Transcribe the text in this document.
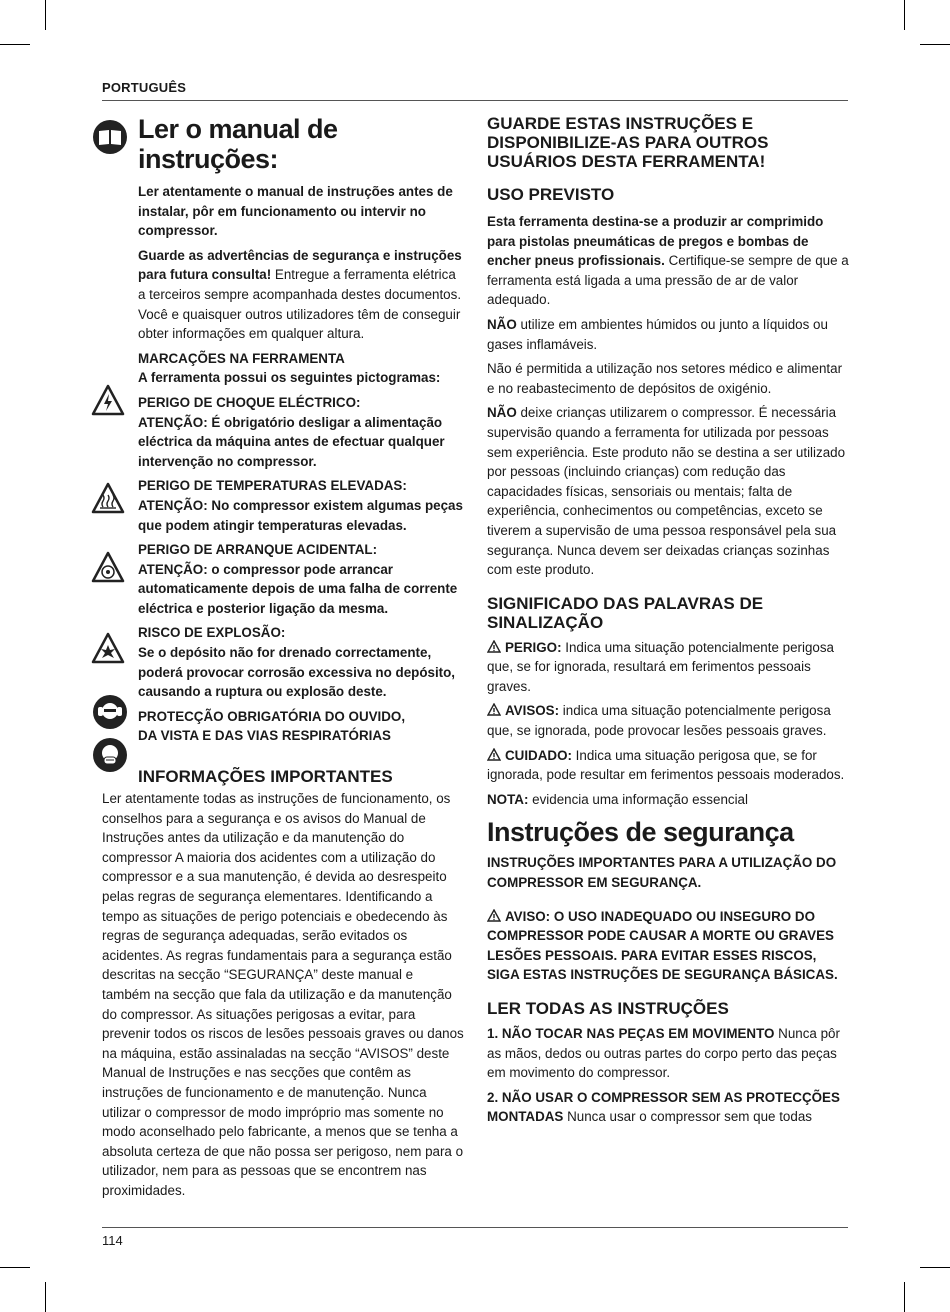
PORTUGUÊS
Ler o manual de instruções:

Ler atentamente o manual de instruções antes de instalar, pôr em funcionamento ou intervir no compressor.

Guarde as advertências de segurança e instruções para futura consulta! Entregue a ferramenta elétrica a terceiros sempre acompanhada destes documentos. Você e quaisquer outros utilizadores têm de conseguir obter informações em qualquer altura.

MARCAÇÕES NA FERRAMENTA

A ferramenta possui os seguintes pictogramas:

PERIGO DE CHOQUE ELÉCTRICO:

ATENÇÃO: É obrigatório desligar a alimentação eléctrica da máquina antes de efectuar qualquer intervenção no compressor.

PERIGO DE TEMPERATURAS ELEVADAS:

ATENÇÃO: No compressor existem algumas peças que podem atingir temperaturas elevadas.

PERIGO DE ARRANQUE ACIDENTAL:

ATENÇÃO: o compressor pode arrancar automaticamente depois de uma falha de corrente eléctrica e posterior ligação da mesma.

RISCO DE EXPLOSÃO:

Se o depósito não for drenado correctamente, poderá provocar corrosão excessiva no depósito, causando a ruptura ou explosão deste.

PROTECÇÃO OBRIGATÓRIA DO OUVIDO,
DA VISTA E DAS VIAS RESPIRATÓRIAS
INFORMAÇÕES IMPORTANTES

Ler atentamente todas as instruções de funcionamento, os conselhos para a segurança e os avisos do Manual de Instruções antes da utilização e da manutenção do compressor A maioria dos acidentes com a utilização do compressor e a sua manutenção, é devida ao desrespeito pelas regras de segurança elementares. Identificando a tempo as situações de perigo potenciais e obedecendo às regras de segurança adequadas, serão evitados os acidentes. As regras fundamentais para a segurança estão descritas na secção “SEGURANÇA” deste manual e também na secção que fala da utilização e da manutenção do compressor. As situações perigosas a evitar, para prevenir todos os riscos de lesões pessoais graves ou danos na máquina, estão assinaladas na secção “AVISOS” deste Manual de Instruções e nas secções que contêm as instruções de funcionamento e de manutenção. Nunca utilizar o compressor de modo impróprio mas somente no modo aconselhado pelo fabricante, a menos que se tenha a absoluta certeza de que não possa ser perigoso, nem para o utilizador, nem para as pessoas que se encontrem nas proximidades.

GUARDE ESTAS INSTRUÇÕES E DISPONIBILIZE-AS PARA OUTROS USUÁRIOS DESTA FERRAMENTA!
USO PREVISTO

Esta ferramenta destina-se a produzir ar comprimido para pistolas pneumáticas de pregos e bombas de encher pneus profissionais. Certifique-se sempre de que a ferramenta está ligada a uma pressão de ar de valor adequado.

NÃO utilize em ambientes húmidos ou junto a líquidos ou gases inflamáveis.

Não é permitida a utilização nos setores médico e alimentar e no reabastecimento de depósitos de oxigénio.

NÃO deixe crianças utilizarem o compressor. É necessária supervisão quando a ferramenta for utilizada por pessoas sem experiência. Este produto não se destina a ser utilizado por pessoas (incluindo crianças) com redução das capacidades físicas, sensoriais ou mentais; falta de experiência, conhecimentos ou competências, exceto se tiverem a supervisão de uma pessoa responsável pela sua segurança. Nunca devem ser deixadas crianças sozinhas com este produto.

SIGNIFICADO DAS PALAVRAS DE SINALIZAÇÃO

PERIGO: Indica uma situação potencialmente perigosa que, se for ignorada, resultará em ferimentos pessoais graves.

AVISOS: indica uma situação potencialmente perigosa que, se ignorada, pode provocar lesões pessoais graves.

CUIDADO: Indica uma situação perigosa que, se for ignorada, pode resultar em ferimentos pessoais moderados.

NOTA: evidencia uma informação essencial

Instruções de segurança

INSTRUÇÕES IMPORTANTES PARA A UTILIZAÇÃO DO COMPRESSOR EM SEGURANÇA.

AVISO: O USO INADEQUADO OU INSEGURO DO COMPRESSOR PODE CAUSAR A MORTE OU GRAVES LESÕES PESSOAIS. PARA EVITAR ESSES RISCOS, SIGA ESTAS INSTRUÇÕES DE SEGURANÇA BÁSICAS.

LER TODAS AS INSTRUÇÕES

1. NÃO TOCAR NAS PEÇAS EM MOVIMENTO Nunca pôr as mãos, dedos ou outras partes do corpo perto das peças em movimento do compressor.

2. NÃO USAR O COMPRESSOR SEM AS PROTECÇÕES MONTADAS Nunca usar o compressor sem que todas

114
